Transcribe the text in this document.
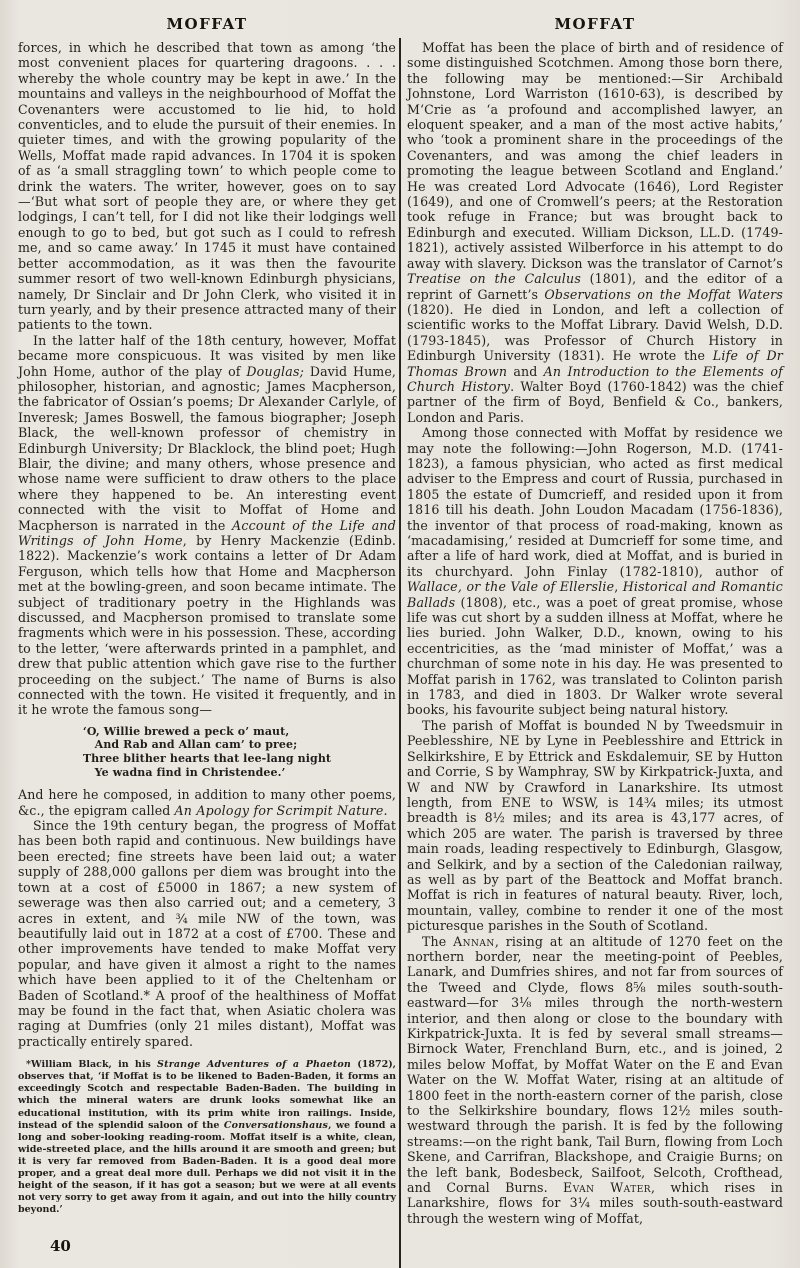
MOFFAT	MOFFAT

forces, in which he described that town as among ‘the most convenient places for quartering dragoons. . . . whereby the whole country may be kept in awe.’ In the mountains and valleys in the neighbourhood of Moffat the Covenanters were accustomed to lie hid, to hold conventicles, and to elude the pursuit of their enemies. In quieter times, and with the growing popularity of the Wells, Moffat made rapid advances. In 1704 it is spoken of as ‘a small straggling town’ to which people come to drink the waters. The writer, however, goes on to say—‘But what sort of people they are, or where they get lodgings, I can’t tell, for I did not like their lodgings well enough to go to bed, but got such as I could to refresh me, and so came away.’ In 1745 it must have contained better accommodation, as it was then the favourite summer resort of two well-known Edinburgh physicians, namely, Dr Sinclair and Dr John Clerk, who visited it in turn yearly, and by their presence attracted many of their patients to the town.

In the latter half of the 18th century, however, Moffat became more conspicuous. It was visited by men like John Home, author of the play of Douglas; David Hume, philosopher, historian, and agnostic; James Macpherson, the fabricator of Ossian’s poems; Dr Alexander Carlyle, of Inveresk; James Boswell, the famous biographer; Joseph Black, the well-known professor of chemistry in Edinburgh University; Dr Blacklock, the blind poet; Hugh Blair, the divine; and many others, whose presence and whose name were sufficient to draw others to the place where they happened to be. An interesting event connected with the visit to Moffat of Home and Macpherson is narrated in the Account of the Life and Writings of John Home, by Henry Mackenzie (Edinb. 1822). Mackenzie’s work contains a letter of Dr Adam Ferguson, which tells how that Home and Macpherson met at the bowling-green, and soon became intimate. The subject of traditionary poetry in the Highlands was discussed, and Macpherson promised to translate some fragments which were in his possession. These, according to the letter, ‘were afterwards printed in a pamphlet, and drew that public attention which gave rise to the further proceeding on the subject.’ The name of Burns is also connected with the town. He visited it frequently, and in it he wrote the famous song—

‘O, Willie brewed a peck o’ maut,
And Rab and Allan cam’ to pree;
Three blither hearts that lee-lang night
Ye wadna find in Christendee.’

And here he composed, in addition to many other poems, &c., the epigram called An Apology for Scrimpit Nature.

Since the 19th century began, the progress of Moffat has been both rapid and continuous. New buildings have been erected; fine streets have been laid out; a water supply of 288,000 gallons per diem was brought into the town at a cost of £5000 in 1867; a new system of sewerage was then also carried out; and a cemetery, 3 acres in extent, and ¾ mile NW of the town, was beautifully laid out in 1872 at a cost of £700. These and other improvements have tended to make Moffat very popular, and have given it almost a right to the names which have been applied to it of the Cheltenham or Baden of Scotland.* A proof of the healthiness of Moffat may be found in the fact that, when Asiatic cholera was raging at Dumfries (only 21 miles distant), Moffat was practically entirely spared.

*William Black, in his Strange Adventures of a Phaeton (1872), observes that, ‘if Moffat is to be likened to Baden-Baden, it forms an exceedingly Scotch and respectable Baden-Baden. The building in which the mineral waters are drunk looks somewhat like an educational institution, with its prim white iron railings. Inside, instead of the splendid saloon of the Conversationshaus, we found a long and sober-looking reading-room. Moffat itself is a white, clean, wide-streeted place, and the hills around it are smooth and green; but it is very far removed from Baden-Baden. It is a good deal more proper, and a great deal more dull. Perhaps we did not visit it in the height of the season, if it has got a season; but we were at all events not very sorry to get away from it again, and out into the hilly country beyond.’

Moffat has been the place of birth and of residence of some distinguished Scotchmen. Among those born there, the following may be mentioned:—Sir Archibald Johnstone, Lord Warriston (1610-63), is described by M‘Crie as ‘a profound and accomplished lawyer, an eloquent speaker, and a man of the most active habits,’ who ‘took a prominent share in the proceedings of the Covenanters, and was among the chief leaders in promoting the league between Scotland and England.’ He was created Lord Advocate (1646), Lord Register (1649), and one of Cromwell’s peers; at the Restoration took refuge in France; but was brought back to Edinburgh and executed. William Dickson, LL.D. (1749-1821), actively assisted Wilberforce in his attempt to do away with slavery. Dickson was the translator of Carnot’s Treatise on the Calculus (1801), and the editor of a reprint of Garnett’s Observations on the Moffat Waters (1820). He died in London, and left a collection of scientific works to the Moffat Library. David Welsh, D.D. (1793-1845), was Professor of Church History in Edinburgh University (1831). He wrote the Life of Dr Thomas Brown and An Introduction to the Elements of Church History. Walter Boyd (1760-1842) was the chief partner of the firm of Boyd, Benfield & Co., bankers, London and Paris.

Among those connected with Moffat by residence we may note the following:—John Rogerson, M.D. (1741-1823), a famous physician, who acted as first medical adviser to the Empress and court of Russia, purchased in 1805 the estate of Dumcrieff, and resided upon it from 1816 till his death. John Loudon Macadam (1756-1836), the inventor of that process of road-making, known as ‘macadamising,’ resided at Dumcrieff for some time, and after a life of hard work, died at Moffat, and is buried in its churchyard. John Finlay (1782-1810), author of Wallace, or the Vale of Ellerslie, Historical and Romantic Ballads (1808), etc., was a poet of great promise, whose life was cut short by a sudden illness at Moffat, where he lies buried. John Walker, D.D., known, owing to his eccentricities, as the ‘mad minister of Moffat,’ was a churchman of some note in his day. He was presented to Moffat parish in 1762, was translated to Colinton parish in 1783, and died in 1803. Dr Walker wrote several books, his favourite subject being natural history.

The parish of Moffat is bounded N by Tweedsmuir in Peeblesshire, NE by Lyne in Peeblesshire and Ettrick in Selkirkshire, E by Ettrick and Eskdalemuir, SE by Hutton and Corrie, S by Wamphray, SW by Kirkpatrick-Juxta, and W and NW by Crawford in Lanarkshire. Its utmost length, from ENE to WSW, is 14¾ miles; its utmost breadth is 8½ miles; and its area is 43,177 acres, of which 205 are water. The parish is traversed by three main roads, leading respectively to Edinburgh, Glasgow, and Selkirk, and by a section of the Caledonian railway, as well as by part of the Beattock and Moffat branch. Moffat is rich in features of natural beauty. River, loch, mountain, valley, combine to render it one of the most picturesque parishes in the South of Scotland.

The Annan, rising at an altitude of 1270 feet on the northern border, near the meeting-point of Peebles, Lanark, and Dumfries shires, and not far from sources of the Tweed and Clyde, flows 8⅝ miles south-south-eastward—for 3⅛ miles through the north-western interior, and then along or close to the boundary with Kirkpatrick-Juxta. It is fed by several small streams—Birnock Water, Frenchland Burn, etc., and is joined, 2 miles below Moffat, by Moffat Water on the E and Evan Water on the W. Moffat Water, rising at an altitude of 1800 feet in the north-eastern corner of the parish, close to the Selkirkshire boundary, flows 12½ miles south-westward through the parish. It is fed by the following streams:—on the right bank, Tail Burn, flowing from Loch Skene, and Carrifran, Blackshope, and Craigie Burns; on the left bank, Bodesbeck, Sailfoot, Selcoth, Crofthead, and Cornal Burns. Evan Water, which rises in Lanarkshire, flows for 3¼ miles south-south-eastward through the western wing of Moffat,

40
